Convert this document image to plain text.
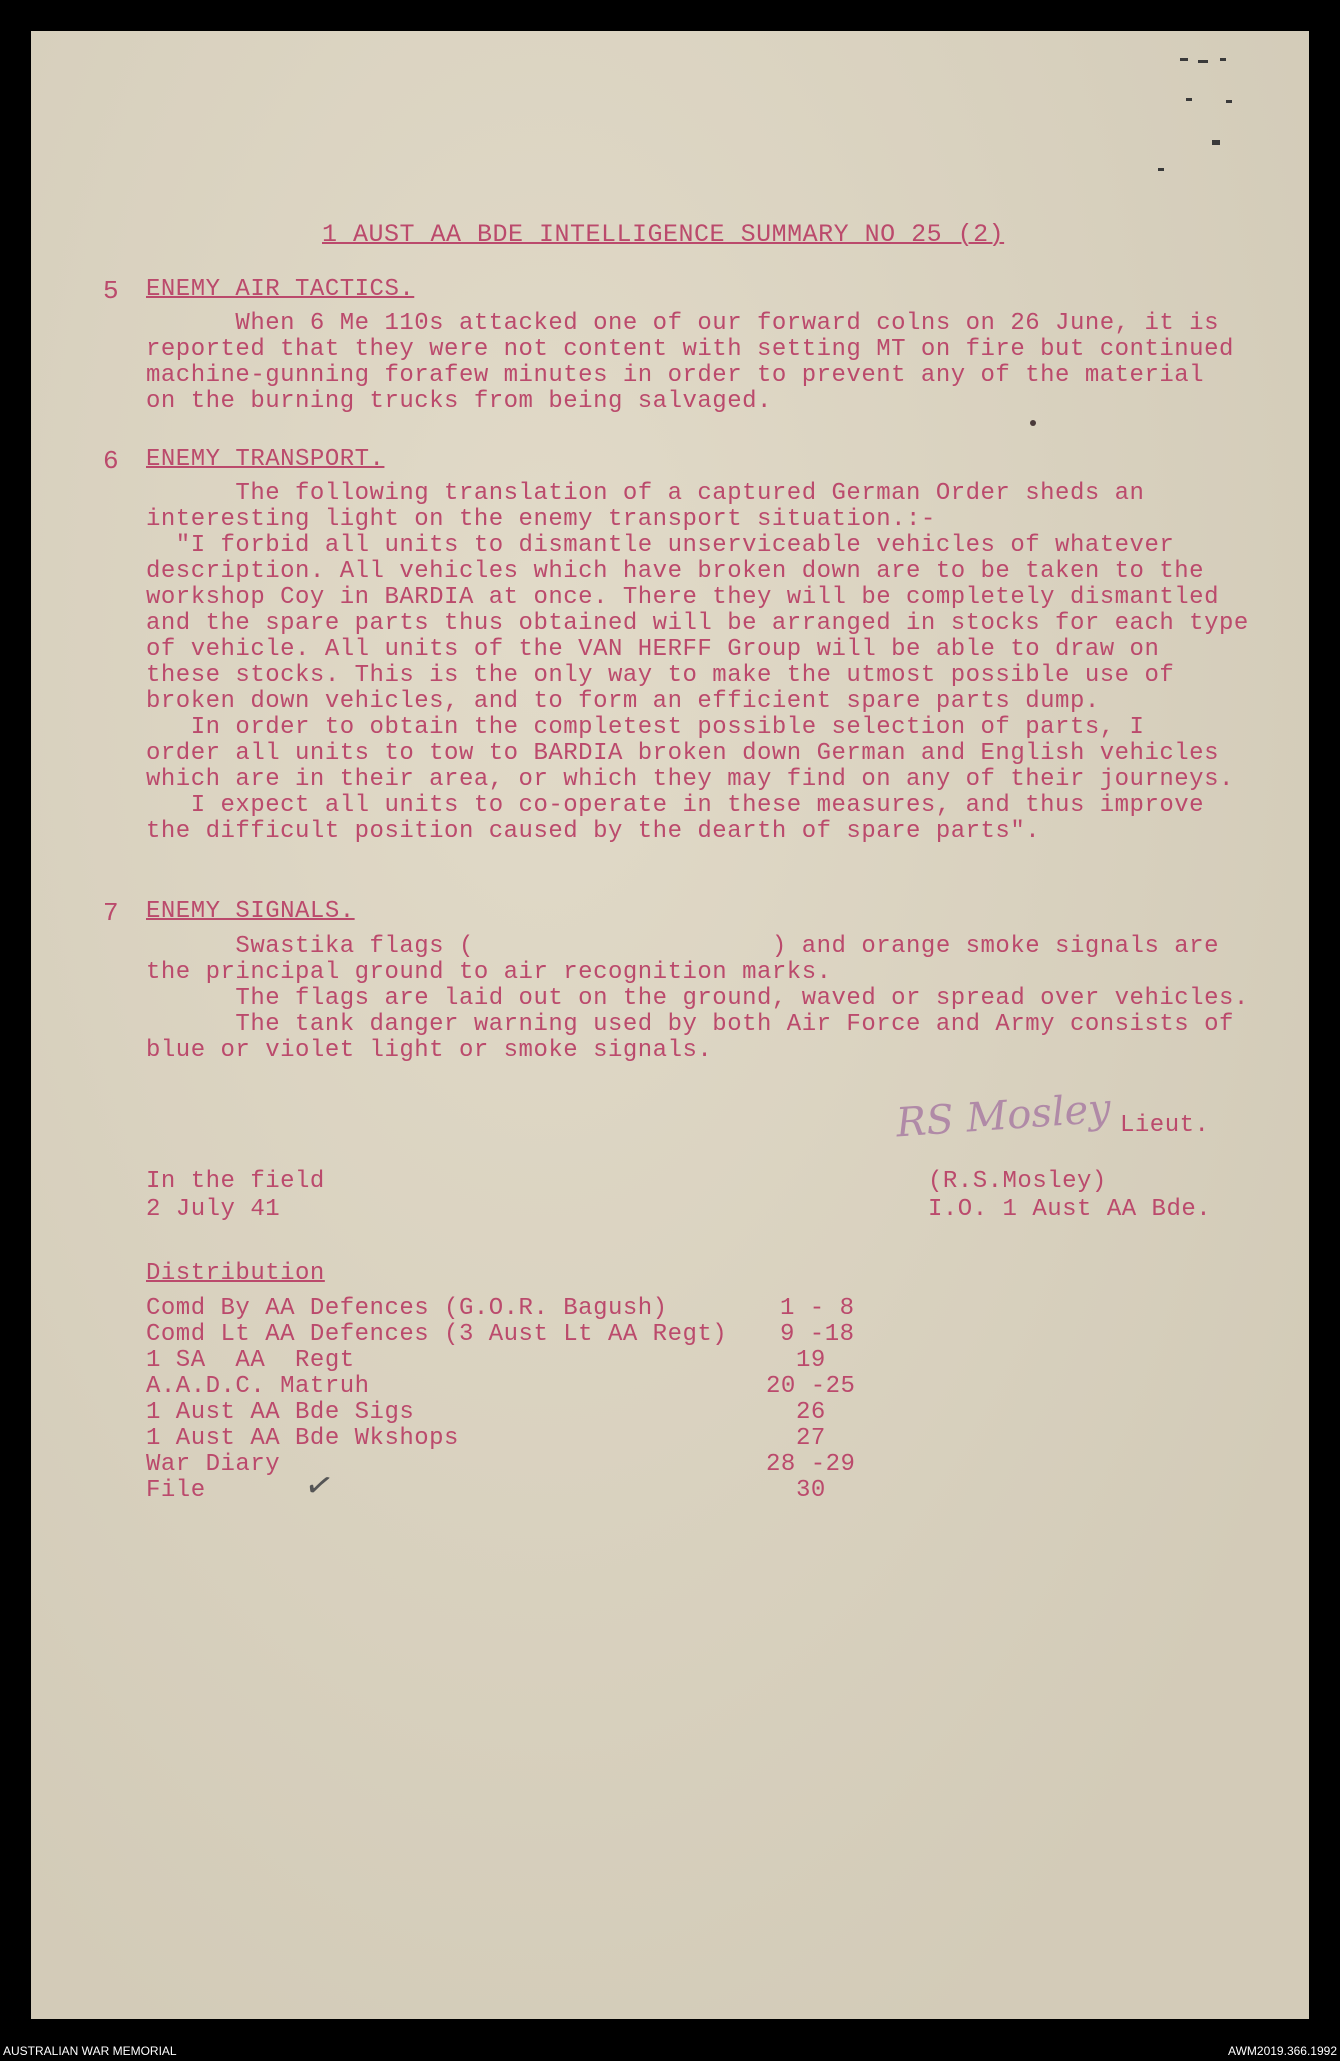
1 AUST AA BDE INTELLIGENCE SUMMARY NO 25 (2)
5 ENEMY AIR TACTICS.
When 6 Me 110s attacked one of our forward colns on 26 June, it is
reported that they were not content with setting MT on fire but continued
machine-gunning forafew minutes in order to prevent any of the material
on the burning trucks from being salvaged.
6 ENEMY TRANSPORT.
The following translation of a captured German Order sheds an
interesting light on the enemy transport situation.:-
"I forbid all units to dismantle unserviceable vehicles of whatever
description. All vehicles which have broken down are to be taken to the
workshop Coy in BARDIA at once. There they will be completely dismantled
and the spare parts thus obtained will be arranged in stocks for each type
of vehicle. All units of the VAN HERFF Group will be able to draw on
these stocks. This is the only way to make the utmost possible use of
broken down vehicles, and to form an efficient spare parts dump.
In order to obtain the completest possible selection of parts, I
order all units to tow to BARDIA broken down German and English vehicles
which are in their area, or which they may find on any of their journeys.
I expect all units to co-operate in these measures, and thus improve
the difficult position caused by the dearth of spare parts".
7 ENEMY SIGNALS.
Swastika flags (                    ) and orange smoke signals are
the principal ground to air recognition marks.
The flags are laid out on the ground, waved or spread over vehicles.
The tank danger warning used by both Air Force and Army consists of
blue or violet light or smoke signals.
RS Mosley Lieut.
(R.S.Mosley)
I.O. 1 Aust AA Bde.
In the field
2 July 41
Distribution
Comd By AA Defences (G.O.R. Bagush)	1 - 8
Comd Lt AA Defences (3 Aust Lt AA Regt) 9 -18
1 SA  AA  Regt	19
A.A.D.C. Matruh	20 -25
1 Aust AA Bde Sigs	26
1 Aust AA Bde Wkshops	27
War Diary	28 -29
File	30
✓
AUSTRALIAN WAR MEMORIAL	AWM2019.366.1992
